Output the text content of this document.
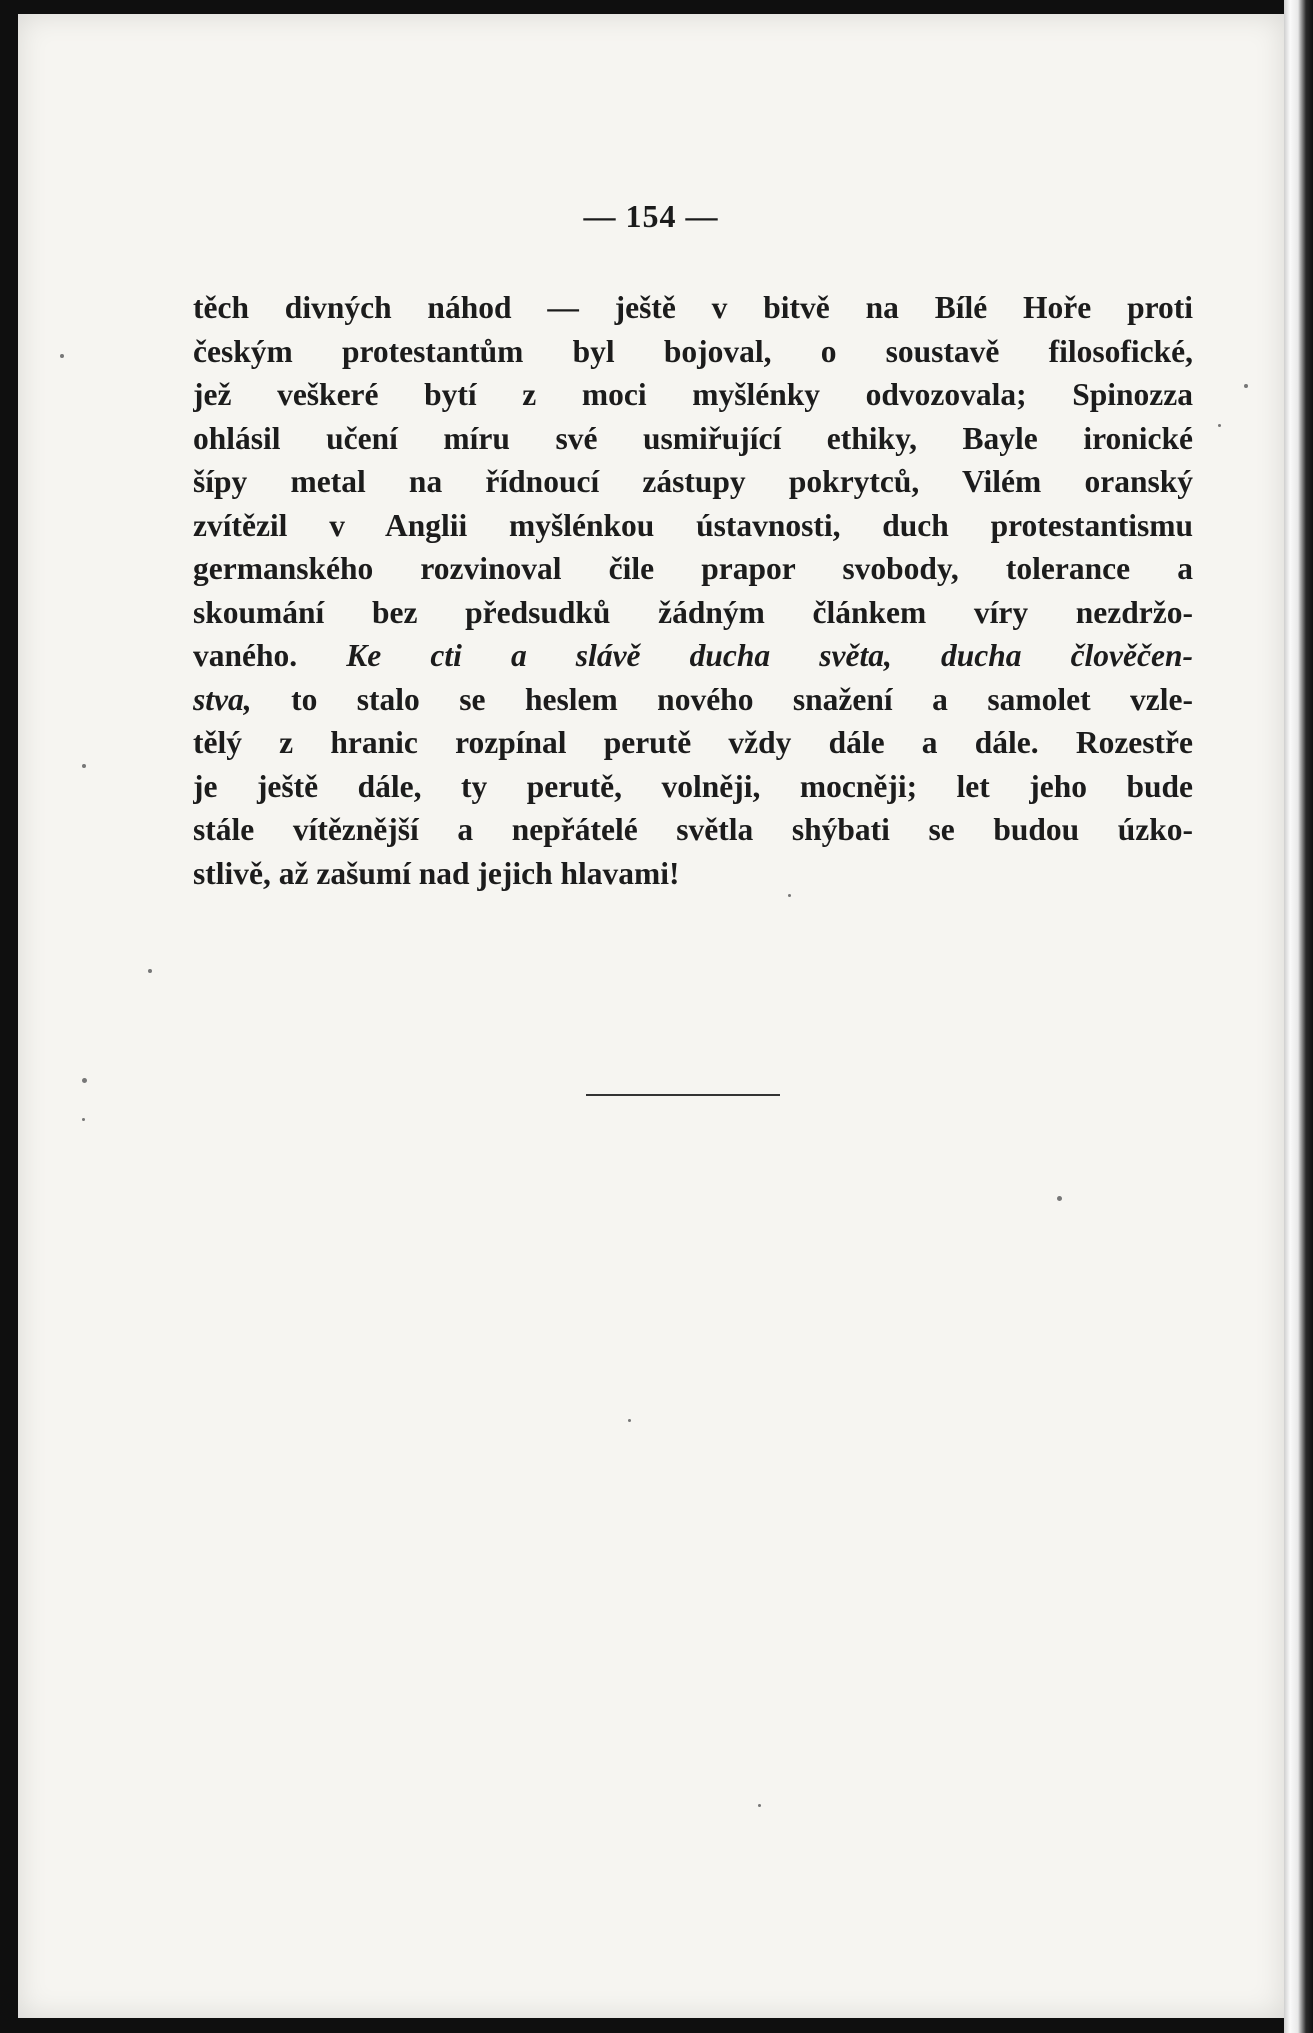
— 154 —
těch divných náhod — ještě v bitvě na Bílé Hoře proti
českým protestantům byl bojoval, o soustavě filosofické,
jež veškeré bytí z moci myšlénky odvozovala; Spinozza
ohlásil učení míru své usmiřující ethiky, Bayle ironické
šípy metal na řídnoucí zástupy pokrytců, Vilém oranský
zvítězil v Anglii myšlénkou ústavnosti, duch protestantismu
germanského rozvinoval čile prapor svobody, tolerance a
skoumání bez předsudků žádným článkem víry nezdržo-
vaného. Ke cti a slávě ducha světa, ducha člověčen-
stva, to stalo se heslem nového snažení a samolet vzle-
tělý z hranic rozpínal perutě vždy dále a dále. Rozestře
je ještě dále, ty perutě, volněji, mocněji; let jeho bude
stále vítěznější a nepřátelé světla shýbati se budou úzko-
stlivě, až zašumí nad jejich hlavami!
